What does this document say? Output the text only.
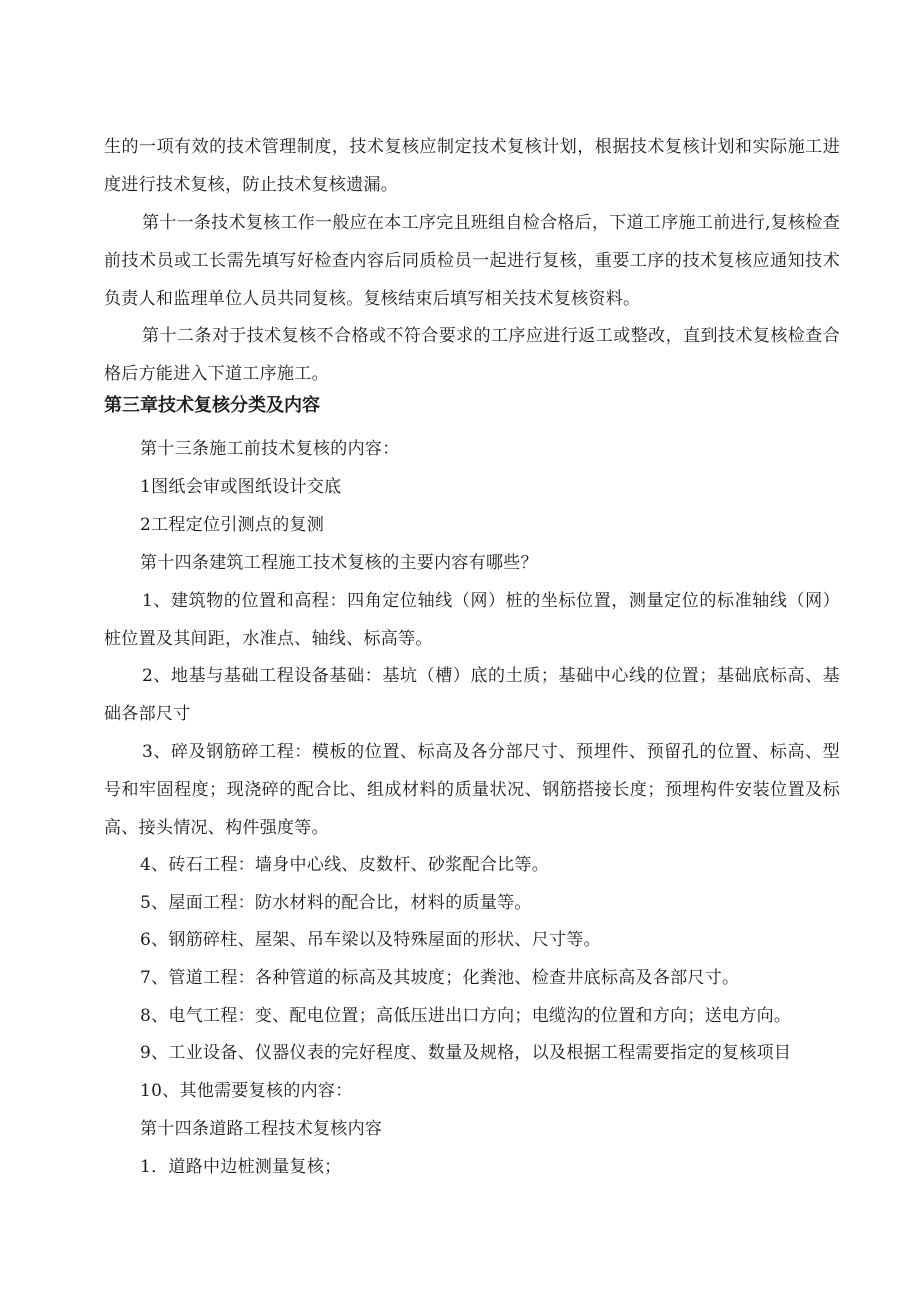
生的一项有效的技术管理制度，技术复核应制定技术复核计划，根据技术复核计划和实际施工进度进行技术复核，防止技术复核遗漏。

第十一条技术复核工作一般应在本工序完且班组自检合格后，下道工序施工前进行,复核检查前技术员或工长需先填写好检查内容后同质检员一起进行复核，重要工序的技术复核应通知技术负责人和监理单位人员共同复核。复核结束后填写相关技术复核资料。

第十二条对于技术复核不合格或不符合要求的工序应进行返工或整改，直到技术复核检查合格后方能进入下道工序施工。

第三章技术复核分类及内容

第十三条施工前技术复核的内容：

1图纸会审或图纸设计交底

2工程定位引测点的复测

第十四条建筑工程施工技术复核的主要内容有哪些？

1、建筑物的位置和高程：四角定位轴线（网）桩的坐标位置，测量定位的标准轴线（网）桩位置及其间距，水准点、轴线、标高等。

2、地基与基础工程设备基础：基坑（槽）底的土质；基础中心线的位置；基础底标高、基础各部尺寸

3、碎及钢筋碎工程：模板的位置、标高及各分部尺寸、预埋件、预留孔的位置、标高、型号和牢固程度；现浇碎的配合比、组成材料的质量状况、钢筋搭接长度；预埋构件安装位置及标高、接头情况、构件强度等。

4、砖石工程：墙身中心线、皮数杆、砂浆配合比等。

5、屋面工程：防水材料的配合比，材料的质量等。

6、钢筋碎柱、屋架、吊车梁以及特殊屋面的形状、尺寸等。

7、管道工程：各种管道的标高及其坡度；化粪池、检查井底标高及各部尺寸。

8、电气工程：变、配电位置；高低压进出口方向；电缆沟的位置和方向；送电方向。

9、工业设备、仪器仪表的完好程度、数量及规格，以及根据工程需要指定的复核项目

10、其他需要复核的内容：

第十四条道路工程技术复核内容

1．道路中边桩测量复核；
